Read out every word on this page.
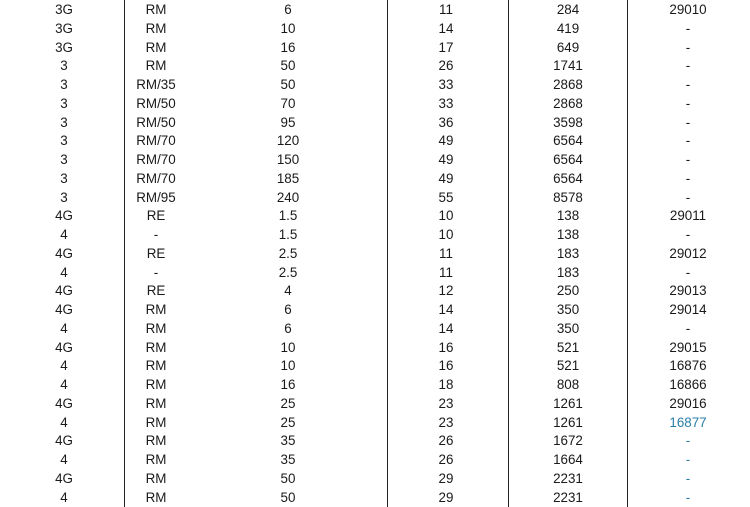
3G	RM	6	11	284	29010
3G	RM	10	14	419	-
3G	RM	16	17	649	-
3	RM	50	26	1741	-
3	RM/35	50	33	2868	-
3	RM/50	70	33	2868	-
3	RM/50	95	36	3598	-
3	RM/70	120	49	6564	-
3	RM/70	150	49	6564	-
3	RM/70	185	49	6564	-
3	RM/95	240	55	8578	-
4G	RE	1.5	10	138	29011
4	-	1.5	10	138	-
4G	RE	2.5	11	183	29012
4	-	2.5	11	183	-
4G	RE	4	12	250	29013
4G	RM	6	14	350	29014
4	RM	6	14	350	-
4G	RM	10	16	521	29015
4	RM	10	16	521	16876
4	RM	16	18	808	16866
4G	RM	25	23	1261	29016
4	RM	25	23	1261	16877
4G	RM	35	26	1672	-
4	RM	35	26	1664	-
4G	RM	50	29	2231	-
4	RM	50	29	2231	-
